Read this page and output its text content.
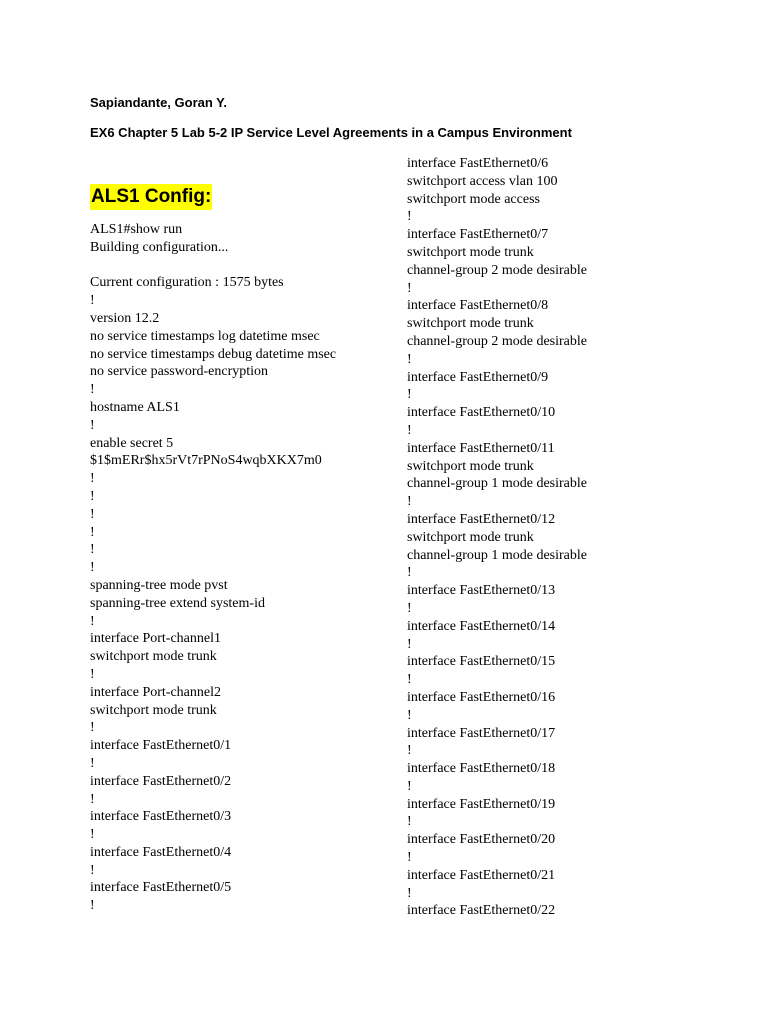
Sapiandante, Goran Y.
EX6 Chapter 5 Lab 5-2 IP Service Level Agreements in a Campus Environment
ALS1 Config:
ALS1#show run
Building configuration...
Current configuration : 1575 bytes
!
version 12.2
no service timestamps log datetime msec
no service timestamps debug datetime msec
no service password-encryption
!
hostname ALS1
!
enable secret 5
$1$mERr$hx5rVt7rPNoS4wqbXKX7m0
!
!
!
!
!
!
spanning-tree mode pvst
spanning-tree extend system-id
!
interface Port-channel1
switchport mode trunk
!
interface Port-channel2
switchport mode trunk
!
interface FastEthernet0/1
!
interface FastEthernet0/2
!
interface FastEthernet0/3
!
interface FastEthernet0/4
!
interface FastEthernet0/5
!
interface FastEthernet0/6
switchport access vlan 100
switchport mode access
!
interface FastEthernet0/7
switchport mode trunk
channel-group 2 mode desirable
!
interface FastEthernet0/8
switchport mode trunk
channel-group 2 mode desirable
!
interface FastEthernet0/9
!
interface FastEthernet0/10
!
interface FastEthernet0/11
switchport mode trunk
channel-group 1 mode desirable
!
interface FastEthernet0/12
switchport mode trunk
channel-group 1 mode desirable
!
interface FastEthernet0/13
!
interface FastEthernet0/14
!
interface FastEthernet0/15
!
interface FastEthernet0/16
!
interface FastEthernet0/17
!
interface FastEthernet0/18
!
interface FastEthernet0/19
!
interface FastEthernet0/20
!
interface FastEthernet0/21
!
interface FastEthernet0/22
